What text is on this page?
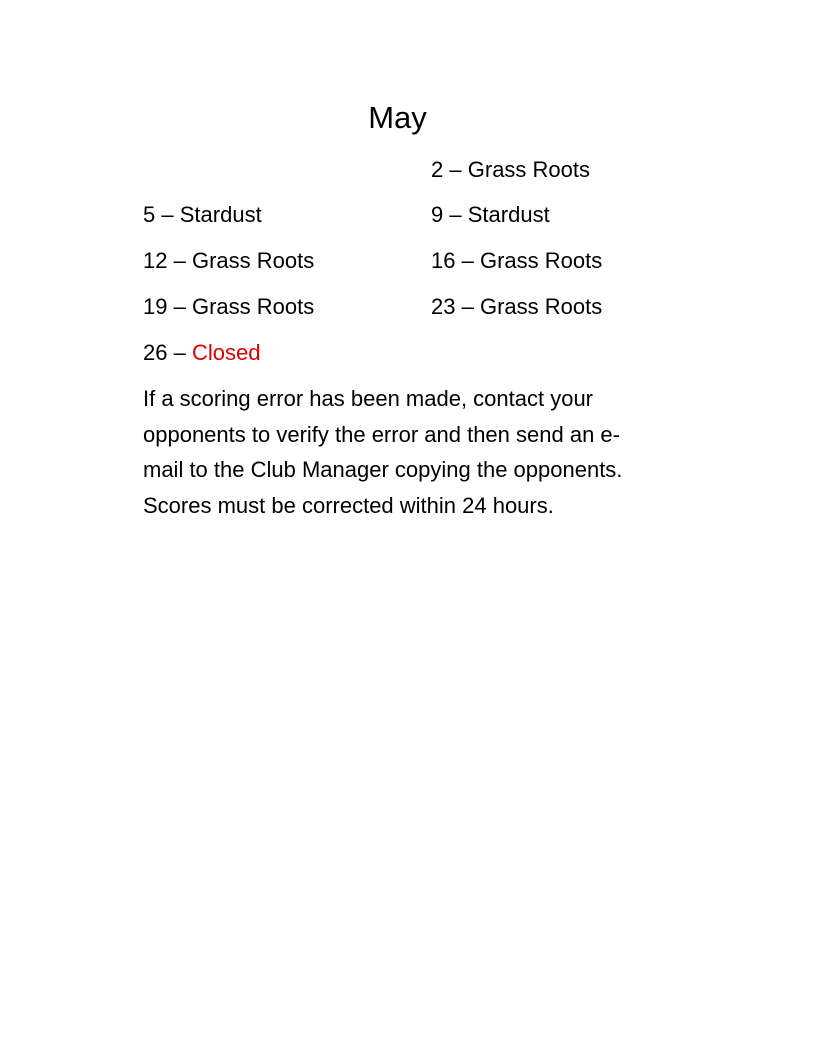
May
2 – Grass Roots
9 – Stardust
16 – Grass Roots
23 – Grass Roots
5 – Stardust
12 – Grass Roots
19 – Grass Roots
26 – Closed
If a scoring error has been made, contact your
opponents to verify the error and then send an e-
mail to the Club Manager copying the opponents.
Scores must be corrected within 24 hours.
